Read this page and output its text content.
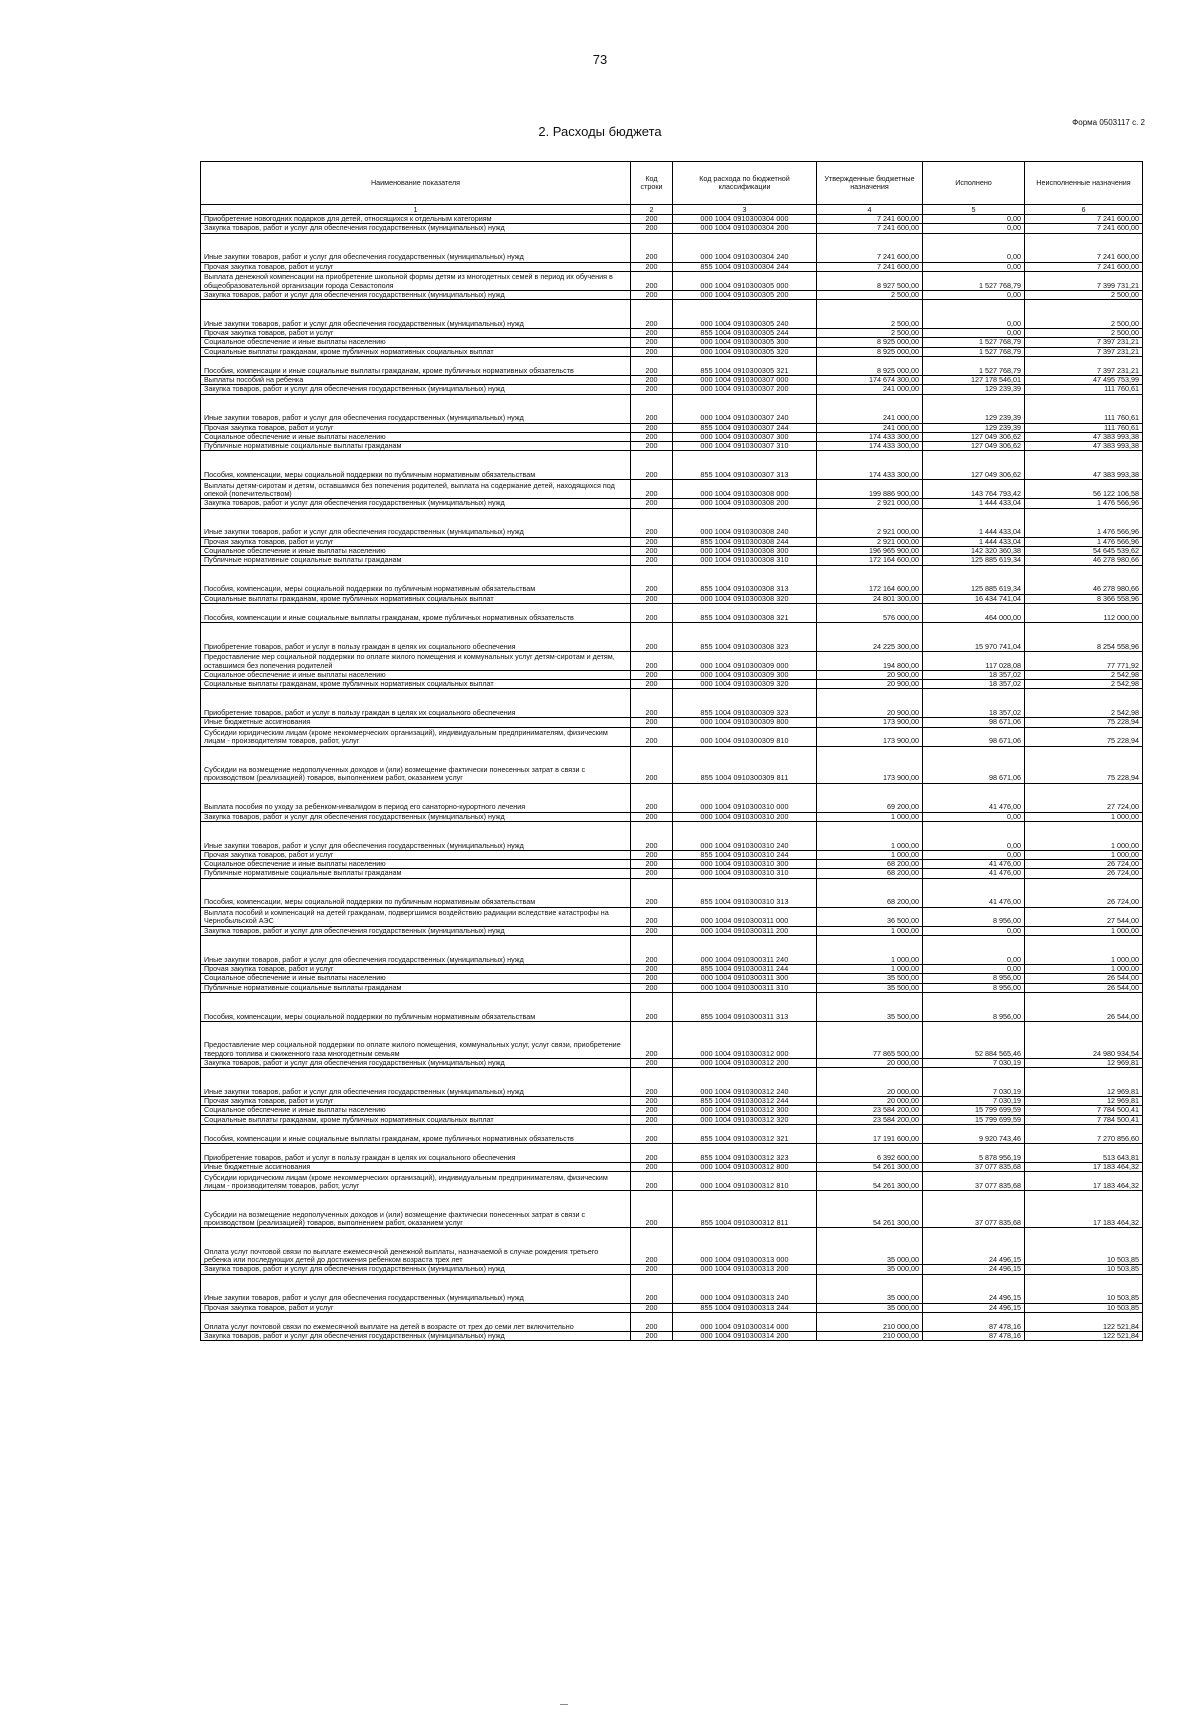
73
Форма 0503117 с. 2
2. Расходы бюджета
Наименование показателя	Код строки	Код расхода по бюджетной классификации	Утвержденные бюджетные назначения	Исполнено	Неисполненные назначения
1	2	3	4	5	6
Приобретение новогодних подарков для детей, относящихся к отдельным категориям	200	000 1004 0910300304 000	7 241 600,00	0,00	7 241 600,00
Закупка товаров, работ и услуг для обеспечения государственных (муниципальных) нужд	200	000 1004 0910300304 200	7 241 600,00	0,00	7 241 600,00
Иные закупки товаров, работ и услуг для обеспечения государственных (муниципальных) нужд	200	000 1004 0910300304 240	7 241 600,00	0,00	7 241 600,00
Прочая закупка товаров, работ и услуг	200	855 1004 0910300304 244	7 241 600,00	0,00	7 241 600,00
Выплата денежной компенсации на приобретение школьной формы детям из многодетных семей в период их обучения в общеобразовательной организации города Севастополя	200	000 1004 0910300305 000	8 927 500,00	1 527 768,79	7 399 731,21
Закупка товаров, работ и услуг для обеспечения государственных (муниципальных) нужд	200	000 1004 0910300305 200	2 500,00	0,00	2 500,00
Иные закупки товаров, работ и услуг для обеспечения государственных (муниципальных) нужд	200	000 1004 0910300305 240	2 500,00	0,00	2 500,00
Прочая закупка товаров, работ и услуг	200	855 1004 0910300305 244	2 500,00	0,00	2 500,00
Социальное обеспечение и иные выплаты населению	200	000 1004 0910300305 300	8 925 000,00	1 527 768,79	7 397 231,21
Социальные выплаты гражданам, кроме публичных нормативных социальных выплат	200	000 1004 0910300305 320	8 925 000,00	1 527 768,79	7 397 231,21
Пособия, компенсации и иные социальные выплаты гражданам, кроме публичных нормативных обязательств	200	855 1004 0910300305 321	8 925 000,00	1 527 768,79	7 397 231,21
Выплаты пособий на ребенка	200	000 1004 0910300307 000	174 674 300,00	127 178 546,01	47 495 753,99
Закупка товаров, работ и услуг для обеспечения государственных (муниципальных) нужд	200	000 1004 0910300307 200	241 000,00	129 239,39	111 760,61
Иные закупки товаров, работ и услуг для обеспечения государственных (муниципальных) нужд	200	000 1004 0910300307 240	241 000,00	129 239,39	111 760,61
Прочая закупка товаров, работ и услуг	200	855 1004 0910300307 244	241 000,00	129 239,39	111 760,61
Социальное обеспечение и иные выплаты населению	200	000 1004 0910300307 300	174 433 300,00	127 049 306,62	47 383 993,38
Публичные нормативные социальные выплаты гражданам	200	000 1004 0910300307 310	174 433 300,00	127 049 306,62	47 383 993,38
Пособия, компенсации, меры социальной поддержки по публичным нормативным обязательствам	200	855 1004 0910300307 313	174 433 300,00	127 049 306,62	47 383 993,38
Выплаты детям-сиротам и детям, оставшимся без попечения родителей, выплата на содержание детей, находящихся под опекой (попечительством)	200	000 1004 0910300308 000	199 886 900,00	143 764 793,42	56 122 106,58
Закупка товаров, работ и услуг для обеспечения государственных (муниципальных) нужд	200	000 1004 0910300308 200	2 921 000,00	1 444 433,04	1 476 566,96
Иные закупки товаров, работ и услуг для обеспечения государственных (муниципальных) нужд	200	000 1004 0910300308 240	2 921 000,00	1 444 433,04	1 476 566,96
Прочая закупка товаров, работ и услуг	200	855 1004 0910300308 244	2 921 000,00	1 444 433,04	1 476 566,96
Социальное обеспечение и иные выплаты населению	200	000 1004 0910300308 300	196 965 900,00	142 320 360,38	54 645 539,62
Публичные нормативные социальные выплаты гражданам	200	000 1004 0910300308 310	172 164 600,00	125 885 619,34	46 278 980,66
Пособия, компенсации, меры социальной поддержки по публичным нормативным обязательствам	200	855 1004 0910300308 313	172 164 600,00	125 885 619,34	46 278 980,66
Социальные выплаты гражданам, кроме публичных нормативных социальных выплат	200	000 1004 0910300308 320	24 801 300,00	16 434 741,04	8 366 558,96
Пособия, компенсации и иные социальные выплаты гражданам, кроме публичных нормативных обязательств	200	855 1004 0910300308 321	576 000,00	464 000,00	112 000,00
Приобретение товаров, работ и услуг в пользу граждан в целях их социального обеспечения	200	855 1004 0910300308 323	24 225 300,00	15 970 741,04	8 254 558,96
Предоставление мер социальной поддержки по оплате жилого помещения и коммунальных услуг детям-сиротам и детям, оставшимся без попечения родителей	200	000 1004 0910300309 000	194 800,00	117 028,08	77 771,92
Социальное обеспечение и иные выплаты населению	200	000 1004 0910300309 300	20 900,00	18 357,02	2 542,98
Социальные выплаты гражданам, кроме публичных нормативных социальных выплат	200	000 1004 0910300309 320	20 900,00	18 357,02	2 542,98
Приобретение товаров, работ и услуг в пользу граждан в целях их социального обеспечения	200	855 1004 0910300309 323	20 900,00	18 357,02	2 542,98
Иные бюджетные ассигнования	200	000 1004 0910300309 800	173 900,00	98 671,06	75 228,94
Субсидии юридическим лицам (кроме некоммерческих организаций), индивидуальным предпринимателям, физическим лицам - производителям товаров, работ, услуг	200	000 1004 0910300309 810	173 900,00	98 671,06	75 228,94
Субсидии на возмещение недополученных доходов и (или) возмещение фактически понесенных затрат в связи с производством (реализацией) товаров, выполнением работ, оказанием услуг	200	855 1004 0910300309 811	173 900,00	98 671,06	75 228,94
Выплата пособия по уходу за ребенком-инвалидом в период его санаторно-курортного лечения	200	000 1004 0910300310 000	69 200,00	41 476,00	27 724,00
Закупка товаров, работ и услуг для обеспечения государственных (муниципальных) нужд	200	000 1004 0910300310 200	1 000,00	0,00	1 000,00
Иные закупки товаров, работ и услуг для обеспечения государственных (муниципальных) нужд	200	000 1004 0910300310 240	1 000,00	0,00	1 000,00
Прочая закупка товаров, работ и услуг	200	855 1004 0910300310 244	1 000,00	0,00	1 000,00
Социальное обеспечение и иные выплаты населению	200	000 1004 0910300310 300	68 200,00	41 476,00	26 724,00
Публичные нормативные социальные выплаты гражданам	200	000 1004 0910300310 310	68 200,00	41 476,00	26 724,00
Пособия, компенсации, меры социальной поддержки по публичным нормативным обязательствам	200	855 1004 0910300310 313	68 200,00	41 476,00	26 724,00
Выплата пособий и компенсаций на детей гражданам, подвергшимся воздействию радиации вследствие катастрофы на Чернобыльской АЭС	200	000 1004 0910300311 000	36 500,00	8 956,00	27 544,00
Закупка товаров, работ и услуг для обеспечения государственных (муниципальных) нужд	200	000 1004 0910300311 200	1 000,00	0,00	1 000,00
Иные закупки товаров, работ и услуг для обеспечения государственных (муниципальных) нужд	200	000 1004 0910300311 240	1 000,00	0,00	1 000,00
Прочая закупка товаров, работ и услуг	200	855 1004 0910300311 244	1 000,00	0,00	1 000,00
Социальное обеспечение и иные выплаты населению	200	000 1004 0910300311 300	35 500,00	8 956,00	26 544,00
Публичные нормативные социальные выплаты гражданам	200	000 1004 0910300311 310	35 500,00	8 956,00	26 544,00
Пособия, компенсации, меры социальной поддержки по публичным нормативным обязательствам	200	855 1004 0910300311 313	35 500,00	8 956,00	26 544,00
Предоставление мер социальной поддержки по оплате жилого помещения, коммунальных услуг, услуг связи, приобретение твердого топлива и сжиженного газа многодетным семьям	200	000 1004 0910300312 000	77 865 500,00	52 884 565,46	24 980 934,54
Закупка товаров, работ и услуг для обеспечения государственных (муниципальных) нужд	200	000 1004 0910300312 200	20 000,00	7 030,19	12 969,81
Иные закупки товаров, работ и услуг для обеспечения государственных (муниципальных) нужд	200	000 1004 0910300312 240	20 000,00	7 030,19	12 969,81
Прочая закупка товаров, работ и услуг	200	855 1004 0910300312 244	20 000,00	7 030,19	12 969,81
Социальное обеспечение и иные выплаты населению	200	000 1004 0910300312 300	23 584 200,00	15 799 699,59	7 784 500,41
Социальные выплаты гражданам, кроме публичных нормативных социальных выплат	200	000 1004 0910300312 320	23 584 200,00	15 799 699,59	7 784 500,41
Пособия, компенсации и иные социальные выплаты гражданам, кроме публичных нормативных обязательств	200	855 1004 0910300312 321	17 191 600,00	9 920 743,46	7 270 856,60
Приобретение товаров, работ и услуг в пользу граждан в целях их социального обеспечения	200	855 1004 0910300312 323	6 392 600,00	5 878 956,19	513 643,81
Иные бюджетные ассигнования	200	000 1004 0910300312 800	54 261 300,00	37 077 835,68	17 183 464,32
Субсидии юридическим лицам (кроме некоммерческих организаций), индивидуальным предпринимателям, физическим лицам - производителям товаров, работ, услуг	200	000 1004 0910300312 810	54 261 300,00	37 077 835,68	17 183 464,32
Субсидии на возмещение недополученных доходов и (или) возмещение фактически понесенных затрат в связи с производством (реализацией) товаров, выполнением работ, оказанием услуг	200	855 1004 0910300312 811	54 261 300,00	37 077 835,68	17 183 464,32
Оплата услуг почтовой связи по выплате ежемесячной денежной выплаты, назначаемой в случае рождения третьего ребенка или последующих детей до достижения ребенком возраста трех лет	200	000 1004 0910300313 000	35 000,00	24 496,15	10 503,85
Закупка товаров, работ и услуг для обеспечения государственных (муниципальных) нужд	200	000 1004 0910300313 200	35 000,00	24 496,15	10 503,85
Иные закупки товаров, работ и услуг для обеспечения государственных (муниципальных) нужд	200	000 1004 0910300313 240	35 000,00	24 496,15	10 503,85
Прочая закупка товаров, работ и услуг	200	855 1004 0910300313 244	35 000,00	24 496,15	10 503,85
Оплата услуг почтовой связи по ежемесячной выплате на детей в возрасте от трех до семи лет включительно	200	000 1004 0910300314 000	210 000,00	87 478,16	122 521,84
Закупка товаров, работ и услуг для обеспечения государственных (муниципальных) нужд	200	000 1004 0910300314 200	210 000,00	87 478,16	122 521,84
